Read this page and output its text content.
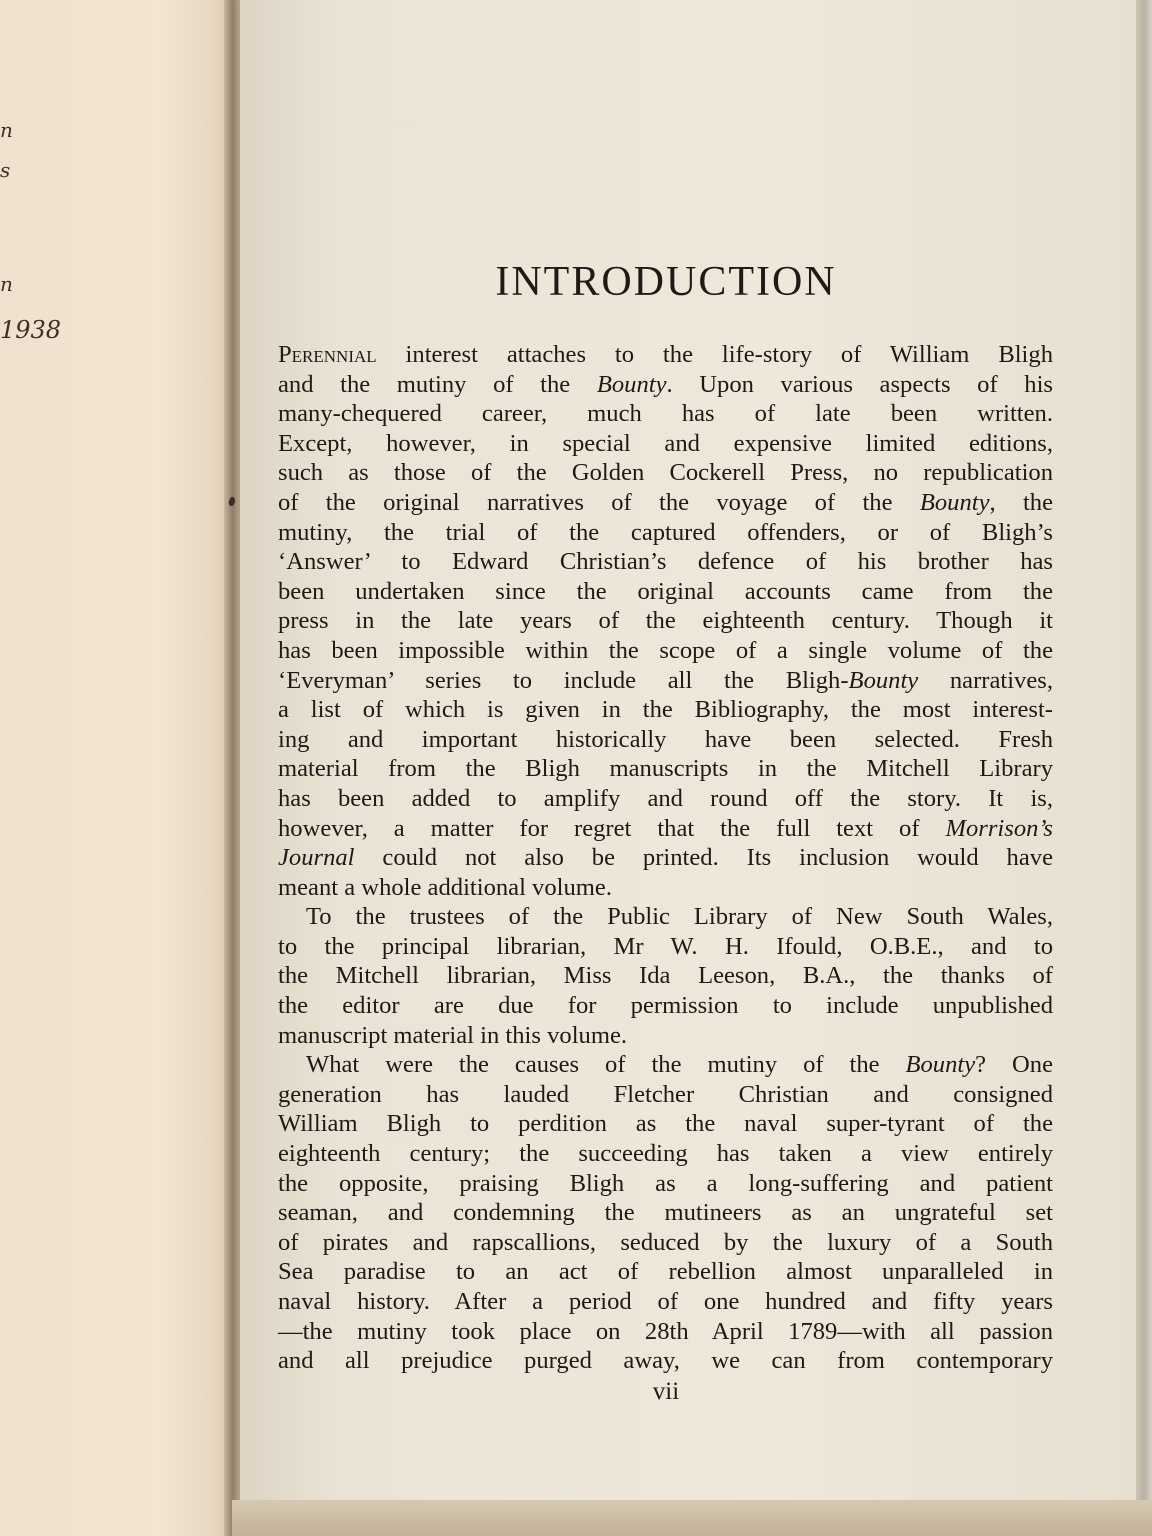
n
s
n
1938
INTRODUCTION

Perennial interest attaches to the life-story of William Bligh
and the mutiny of the Bounty. Upon various aspects of his
many-chequered career, much has of late been written.
Except, however, in special and expensive limited editions,
such as those of the Golden Cockerell Press, no republication
of the original narratives of the voyage of the Bounty, the
mutiny, the trial of the captured offenders, or of Bligh’s
‘Answer’ to Edward Christian’s defence of his brother has
been undertaken since the original accounts came from the
press in the late years of the eighteenth century. Though it
has been impossible within the scope of a single volume of the
‘Everyman’ series to include all the Bligh-Bounty narratives,
a list of which is given in the Bibliography, the most interest-
ing and important historically have been selected. Fresh
material from the Bligh manuscripts in the Mitchell Library
has been added to amplify and round off the story. It is,
however, a matter for regret that the full text of Morrison’s
Journal could not also be printed. Its inclusion would have
meant a whole additional volume.

To the trustees of the Public Library of New South Wales,
to the principal librarian, Mr W. H. Ifould, O.B.E., and to
the Mitchell librarian, Miss Ida Leeson, B.A., the thanks of
the editor are due for permission to include unpublished
manuscript material in this volume.

What were the causes of the mutiny of the Bounty? One
generation has lauded Fletcher Christian and consigned
William Bligh to perdition as the naval super-tyrant of the
eighteenth century; the succeeding has taken a view entirely
the opposite, praising Bligh as a long-suffering and patient
seaman, and condemning the mutineers as an ungrateful set
of pirates and rapscallions, seduced by the luxury of a South
Sea paradise to an act of rebellion almost unparalleled in
naval history. After a period of one hundred and fifty years
—the mutiny took place on 28th April 1789—with all passion
and all prejudice purged away, we can from contemporary

vii
